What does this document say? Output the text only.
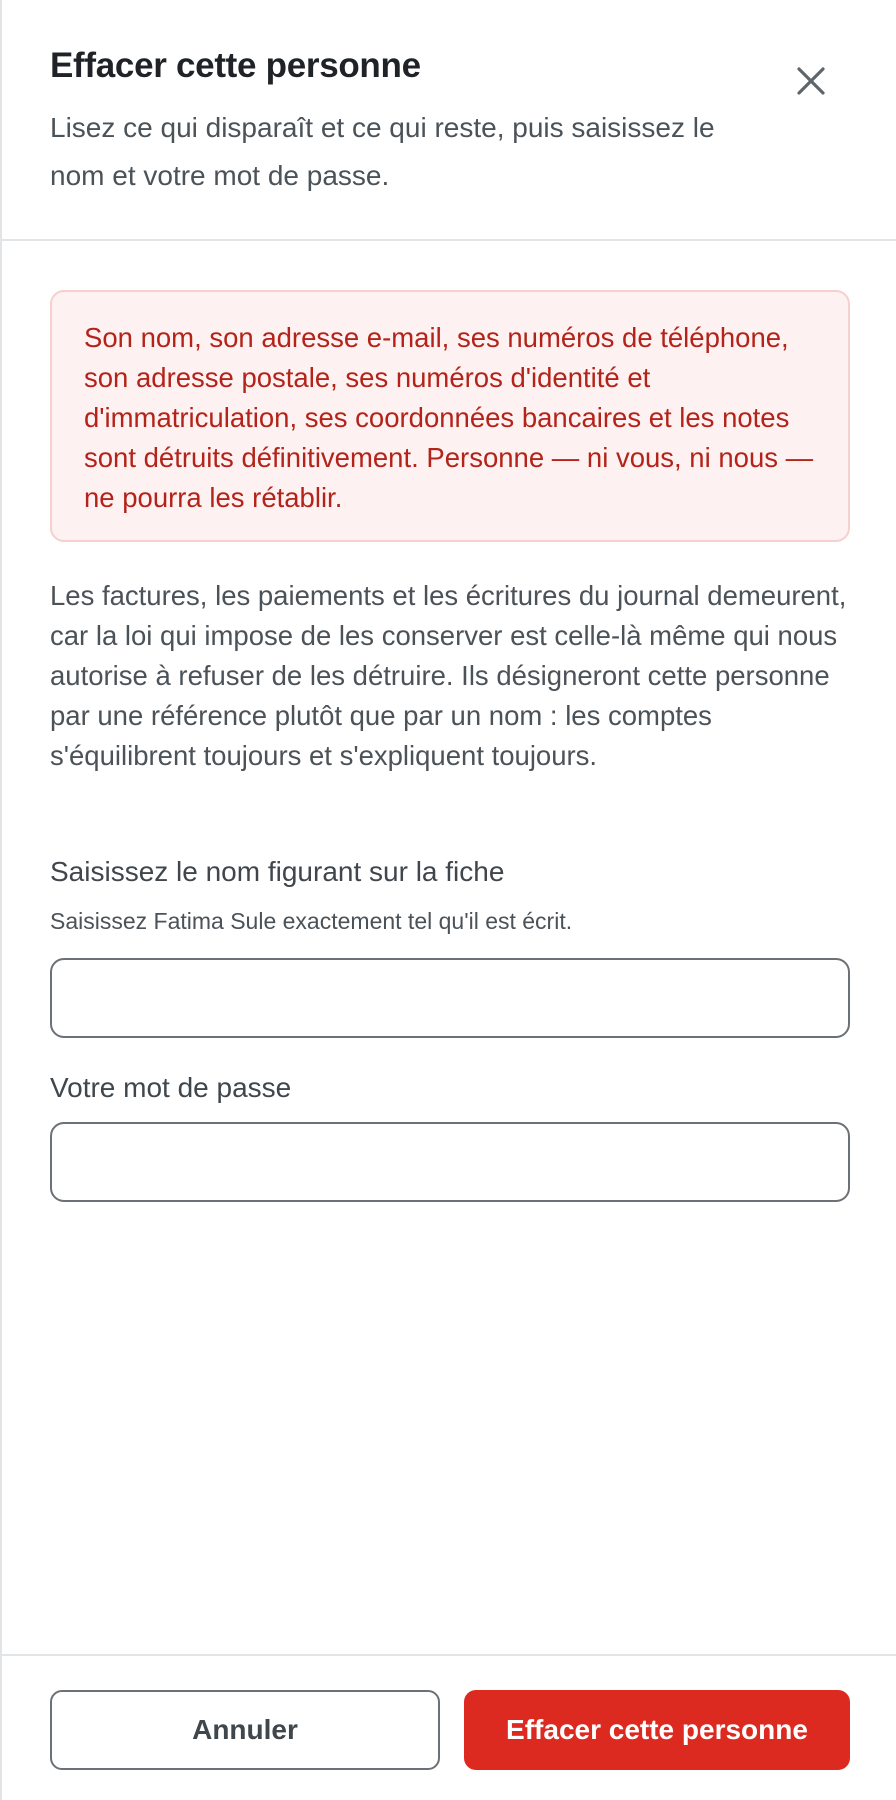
Effacer cette personne

Lisez ce qui disparaît et ce qui reste, puis saisissez le nom et votre mot de passe.

Son nom, son adresse e-mail, ses numéros de téléphone, son adresse postale, ses numéros d'identité et d'immatriculation, ses coordonnées bancaires et les notes sont détruits définitivement. Personne — ni vous, ni nous — ne pourra les rétablir.

Les factures, les paiements et les écritures du journal demeurent, car la loi qui impose de les conserver est celle-là même qui nous autorise à refuser de les détruire. Ils désigneront cette personne par une référence plutôt que par un nom : les comptes s'équilibrent toujours et s'expliquent toujours.

Saisissez le nom figurant sur la fiche

Saisissez Fatima Sule exactement tel qu'il est écrit.

Votre mot de passe
Annuler	Effacer cette personne
